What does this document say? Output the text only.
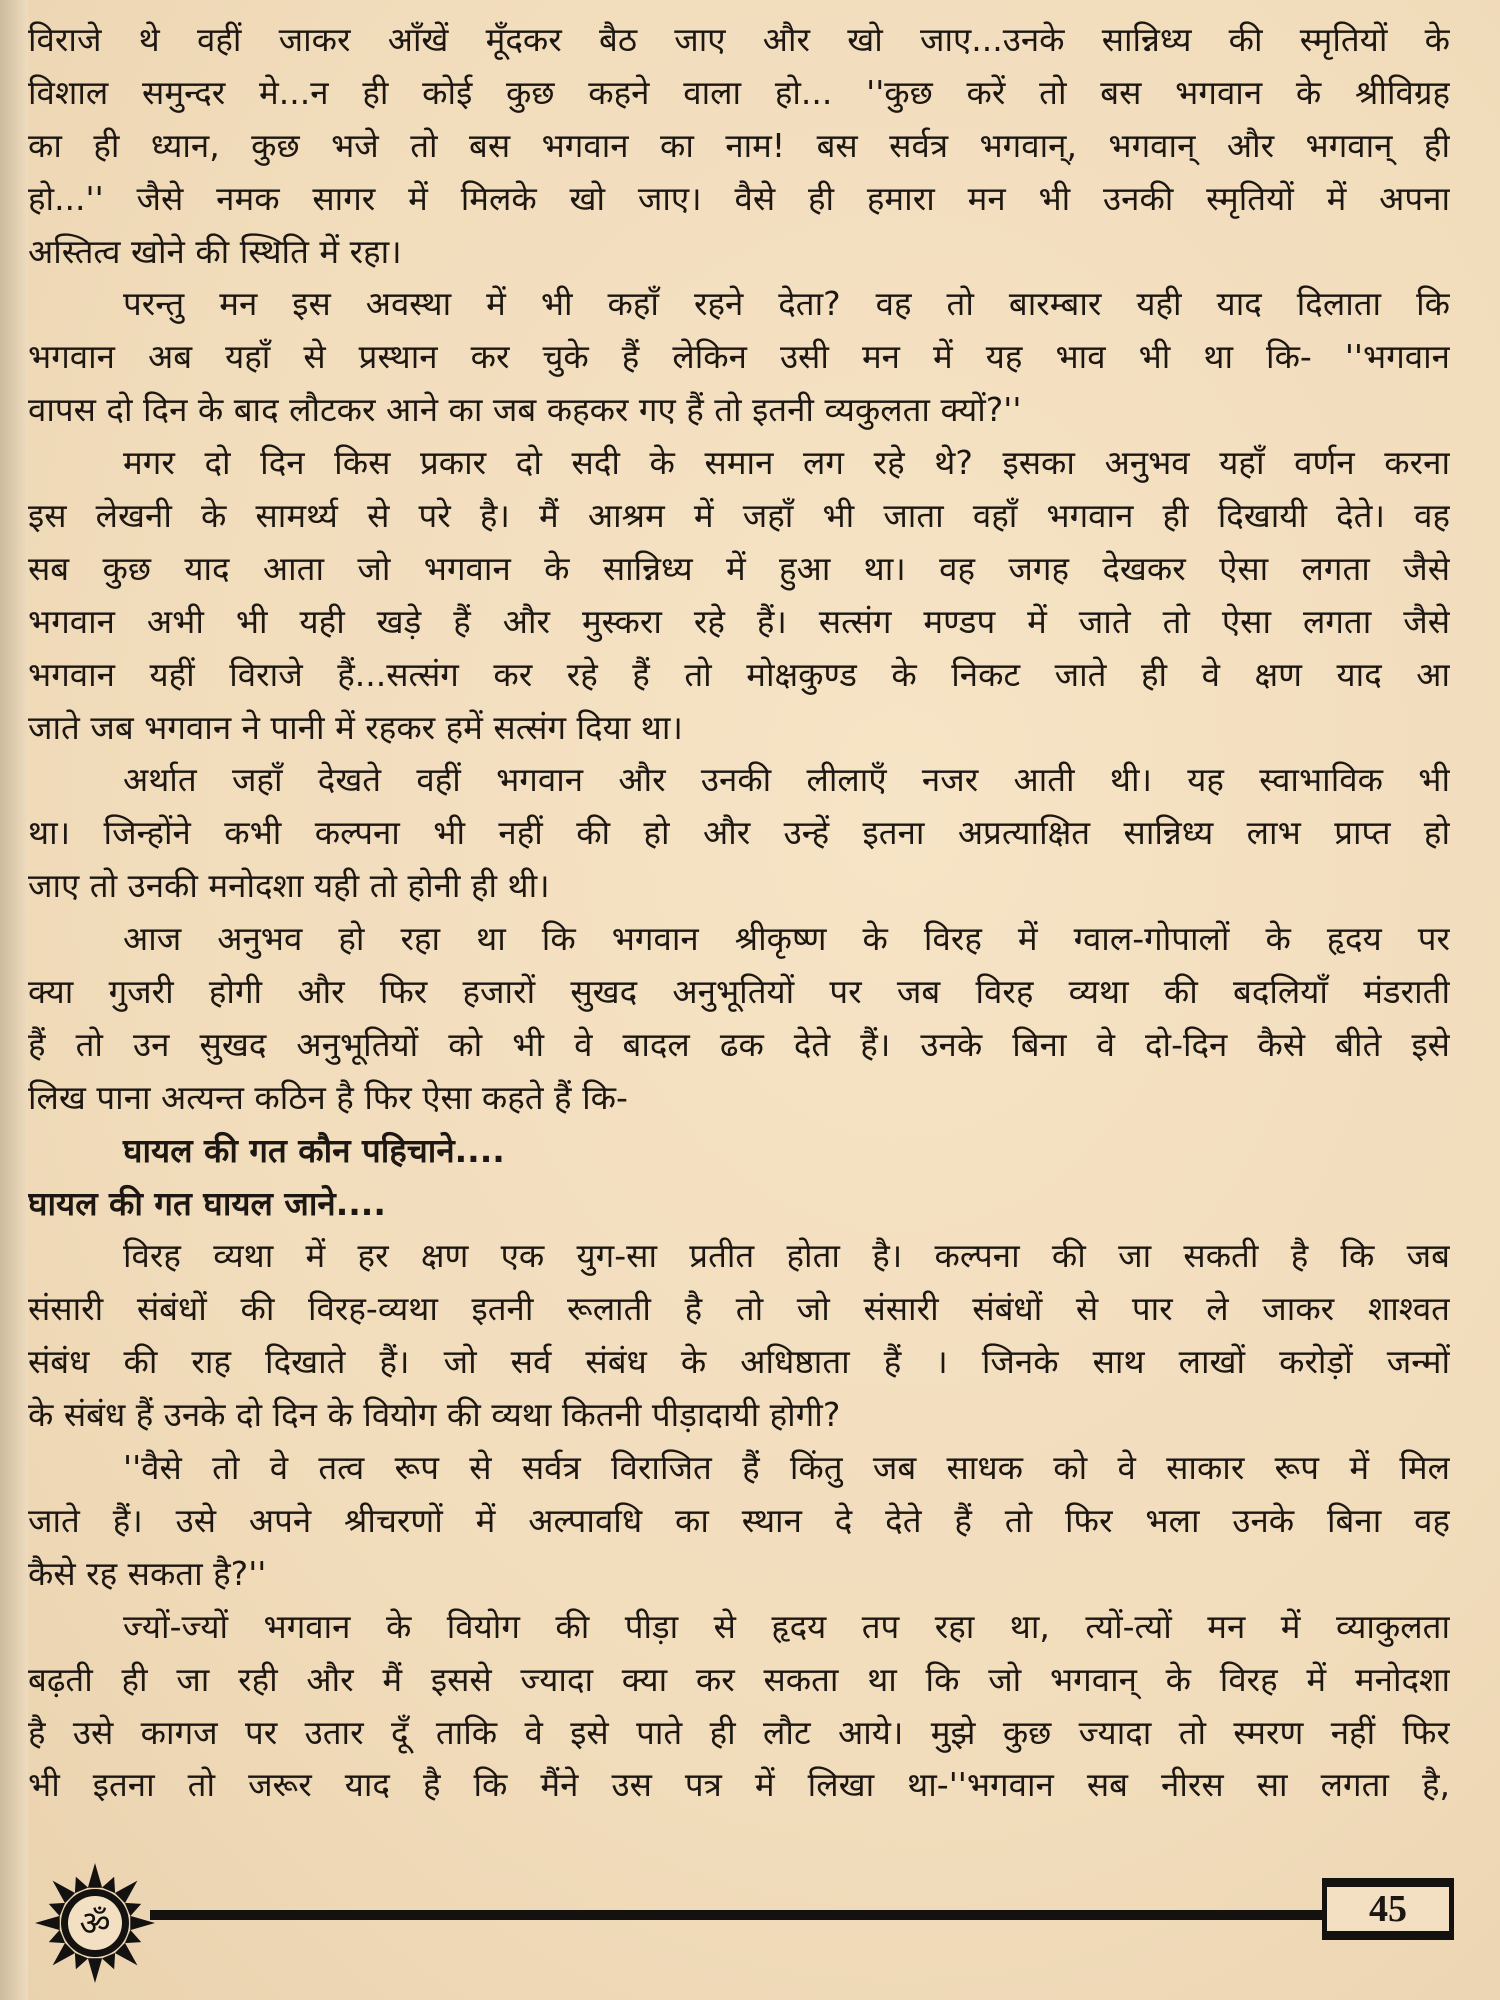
विराजे थे वहीं जाकर आँखें मूँदकर बैठ जाए और खो जाए...उनके सान्निध्य की स्मृतियों के
विशाल समुन्दर मे...न ही कोई कुछ कहने वाला हो... ''कुछ करें तो बस भगवान के श्रीविग्रह
का ही ध्यान, कुछ भजे तो बस भगवान का नाम! बस सर्वत्र भगवान्, भगवान् और भगवान् ही
हो...'' जैसे नमक सागर में मिलके खो जाए। वैसे ही हमारा मन भी उनकी स्मृतियों में अपना
अस्तित्व खोने की स्थिति में रहा।
परन्तु मन इस अवस्था में भी कहाँ रहने देता? वह तो बारम्बार यही याद दिलाता कि
भगवान अब यहाँ से प्रस्थान कर चुके हैं लेकिन उसी मन में यह भाव भी था कि- ''भगवान
वापस दो दिन के बाद लौटकर आने का जब कहकर गए हैं तो इतनी व्यकुलता क्यों?''
मगर दो दिन किस प्रकार दो सदी के समान लग रहे थे? इसका अनुभव यहाँ वर्णन करना
इस लेखनी के सामर्थ्य से परे है। मैं आश्रम में जहाँ भी जाता वहाँ भगवान ही दिखायी देते। वह
सब कुछ याद आता जो भगवान के सान्निध्य में हुआ था। वह जगह देखकर ऐसा लगता जैसे
भगवान अभी भी यही खड़े हैं और मुस्करा रहे हैं। सत्संग मण्डप में जाते तो ऐसा लगता जैसे
भगवान यहीं विराजे हैं...सत्संग कर रहे हैं तो मोक्षकुण्ड के निकट जाते ही वे क्षण याद आ
जाते जब भगवान ने पानी में रहकर हमें सत्संग दिया था।
अर्थात जहाँ देखते वहीं भगवान और उनकी लीलाएँ नजर आती थी। यह स्वाभाविक भी
था। जिन्होंने कभी कल्पना भी नहीं की हो और उन्हें इतना अप्रत्याक्षित सान्निध्य लाभ प्राप्त हो
जाए तो उनकी मनोदशा यही तो होनी ही थी।
आज अनुभव हो रहा था कि भगवान श्रीकृष्ण के विरह में ग्वाल-गोपालों के हृदय पर
क्या गुजरी होगी और फिर हजारों सुखद अनुभूतियों पर जब विरह व्यथा की बदलियाँ मंडराती
हैं तो उन सुखद अनुभूतियों को भी वे बादल ढक देते हैं। उनके बिना वे दो-दिन कैसे बीते इसे
लिख पाना अत्यन्त कठिन है फिर ऐसा कहते हैं कि-
घायल की गत कौन पहिचाने....
घायल की गत घायल जाने....
विरह व्यथा में हर क्षण एक युग-सा प्रतीत होता है। कल्पना की जा सकती है कि जब
संसारी संबंधों की विरह-व्यथा इतनी रूलाती है तो जो संसारी संबंधों से पार ले जाकर शाश्वत
संबंध की राह दिखाते हैं। जो सर्व संबंध के अधिष्ठाता हैं । जिनके साथ लाखों करोड़ों जन्मों
के संबंध हैं उनके दो दिन के वियोग की व्यथा कितनी पीड़ादायी होगी?
''वैसे तो वे तत्व रूप से सर्वत्र विराजित हैं किंतु जब साधक को वे साकार रूप में मिल
जाते हैं। उसे अपने श्रीचरणों में अल्पावधि का स्थान दे देते हैं तो फिर भला उनके बिना वह
कैसे रह सकता है?''
ज्यों-ज्यों भगवान के वियोग की पीड़ा से हृदय तप रहा था, त्यों-त्यों मन में व्याकुलता
बढ़ती ही जा रही और मैं इससे ज्यादा क्या कर सकता था कि जो भगवान् के विरह में मनोदशा
है उसे कागज पर उतार दूँ ताकि वे इसे पाते ही लौट आये। मुझे कुछ ज्यादा तो स्मरण नहीं फिर
भी इतना तो जरूर याद है कि मैंने उस पत्र में लिखा था-''भगवान सब नीरस सा लगता है,
ॐ	45
